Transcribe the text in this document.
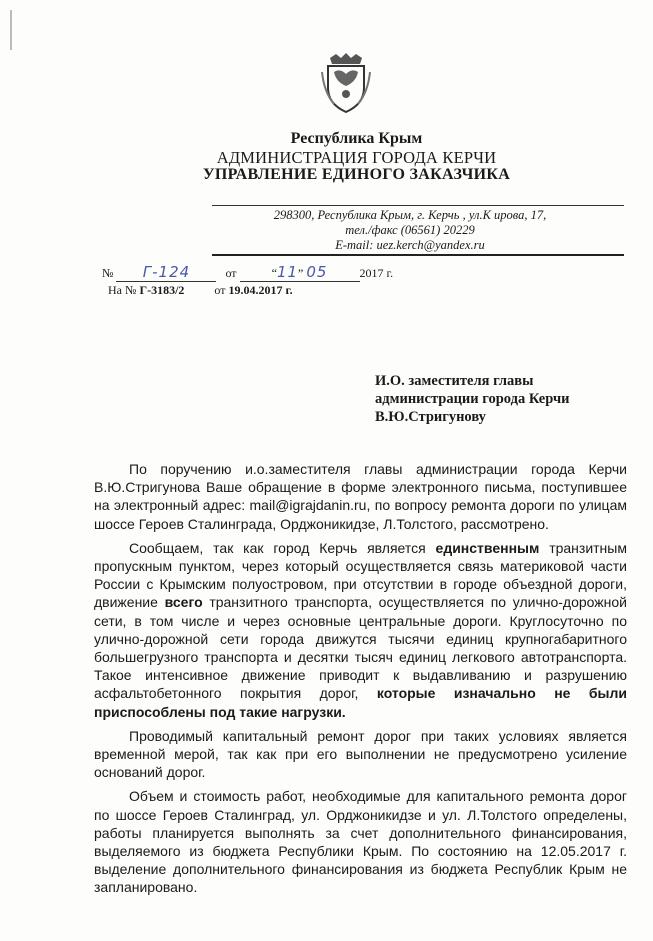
Республика Крым
АДМИНИСТРАЦИЯ ГОРОДА КЕРЧИ
УПРАВЛЕНИЕ ЕДИНОГО ЗАКАЗЧИКА
298300, Республика Крым, г. Керчь , ул.К ирова, 17,
тел./факс (06561) 20229
E-mail: uez.kerch@yandex.ru
№ Г-124	от	“11” 05	2017 г.
На № Г-3183/2	от 19.04.2017 г.
И.О. заместителя главы
администрации города Керчи
В.Ю.Стригунову

По поручению и.о.заместителя главы администрации города Керчи В.Ю.Стригунова Ваше обращение в форме электронного письма, поступившее на электронный адрес: mail@igrajdanin.ru, по вопросу ремонта дороги по улицам шоссе Героев Сталинграда, Орджоникидзе, Л.Толстого, рассмотрено.

Сообщаем, так как город Керчь является единственным транзитным пропускным пунктом, через который осуществляется связь материковой части России с Крымским полуостровом, при отсутствии в городе объездной дороги, движение всего транзитного транспорта, осуществляется по улично-дорожной сети, в том числе и через основные центральные дороги. Круглосуточно по улично-дорожной сети города движутся тысячи единиц крупногабаритного большегрузного транспорта и десятки тысяч единиц легкового автотранспорта. Такое интенсивное движение приводит к выдавливанию и разрушению асфальтобетонного покрытия дорог, которые изначально не были приспособлены под такие нагрузки.

Проводимый капитальный ремонт дорог при таких условиях является временной мерой, так как при его выполнении не предусмотрено усиление оснований дорог.

Объем и стоимость работ, необходимые для капитального ремонта дорог по шоссе Героев Сталинград, ул. Орджоникидзе и ул. Л.Толстого определены, работы планируется выполнять за счет дополнительного финансирования, выделяемого из бюджета Республики Крым. По состоянию на 12.05.2017 г. выделение дополнительного финансирования из бюджета Республик Крым не запланировано.
